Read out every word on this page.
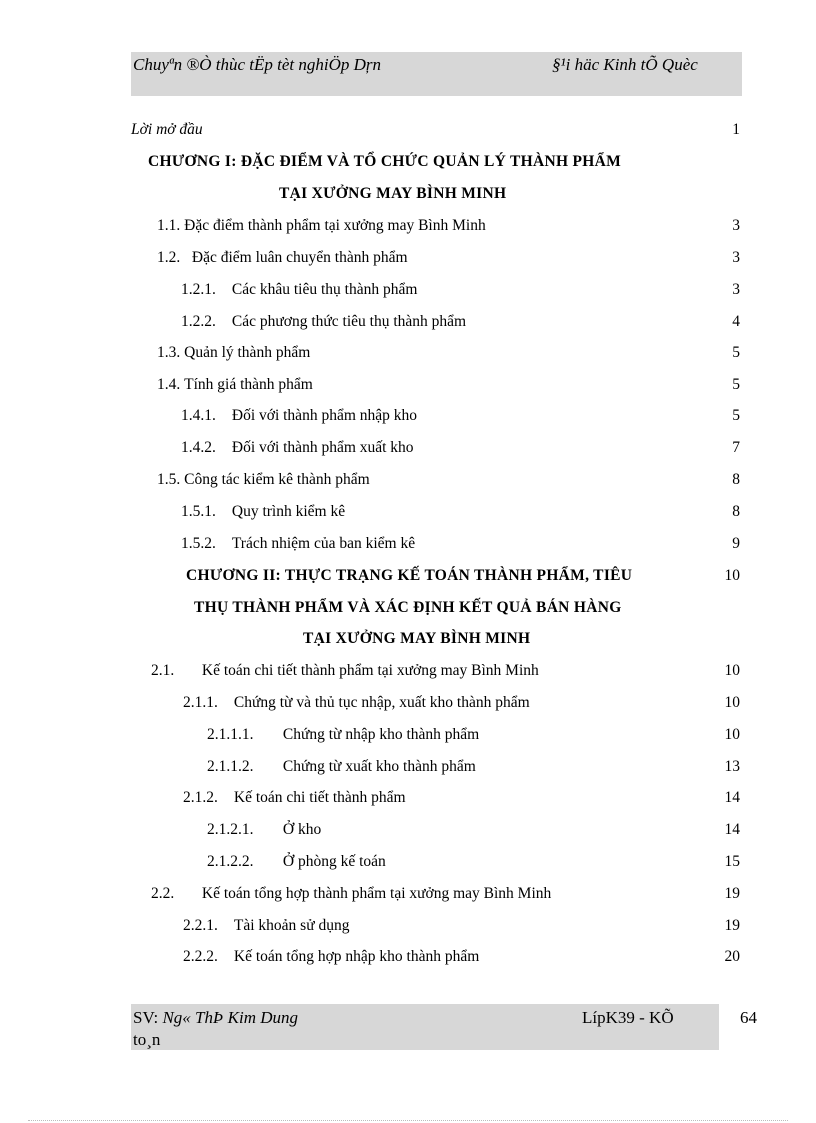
Chuyªn ®Ò thùc tËp tèt nghiÖp Dŗn	§¹i häc Kinh tÕ Quèc
Lời mở đầu	1
CHƯƠNG I: ĐẶC ĐIỂM VÀ TỔ CHỨC QUẢN LÝ THÀNH PHẨM
TẠI XƯỞNG MAY BÌNH MINH
1.1. Đặc điểm thành phẩm tại xưởng may Bình Minh	3
1.2. Đặc điểm luân chuyển thành phẩm	3
1.2.1. Các khâu tiêu thụ thành phẩm	3
1.2.2. Các phương thức tiêu thụ thành phẩm	4
1.3. Quản lý thành phẩm	5
1.4. Tính giá thành phẩm	5
1.4.1. Đối với thành phẩm nhập kho	5
1.4.2. Đối với thành phẩm xuất kho	7
1.5. Công tác kiểm kê thành phẩm	8
1.5.1. Quy trình kiểm kê	8
1.5.2. Trách nhiệm của ban kiểm kê	9
CHƯƠNG II: THỰC TRẠNG KẾ TOÁN THÀNH PHẨM, TIÊU	10
THỤ THÀNH PHẨM VÀ XÁC ĐỊNH KẾT QUẢ BÁN HÀNG
TẠI XƯỞNG MAY BÌNH MINH
2.1. Kế toán chi tiết thành phẩm tại xưởng may Bình Minh	10
2.1.1. Chứng từ và thủ tục nhập, xuất kho thành phẩm	10
2.1.1.1. Chứng từ nhập kho thành phẩm	10
2.1.1.2. Chứng từ xuất kho thành phẩm	13
2.1.2. Kế toán chi tiết thành phẩm	14
2.1.2.1. Ở kho	14
2.1.2.2. Ở phòng kế toán	15
2.2. Kế toán tổng hợp thành phẩm tại xưởng may Bình Minh	19
2.2.1. Tài khoản sử dụng	19
2.2.2. Kế toán tổng hợp nhập kho thành phẩm	20
SV: Ng« ThÞ Kim Dung	LípK39 - KÕ
to¸n
64
